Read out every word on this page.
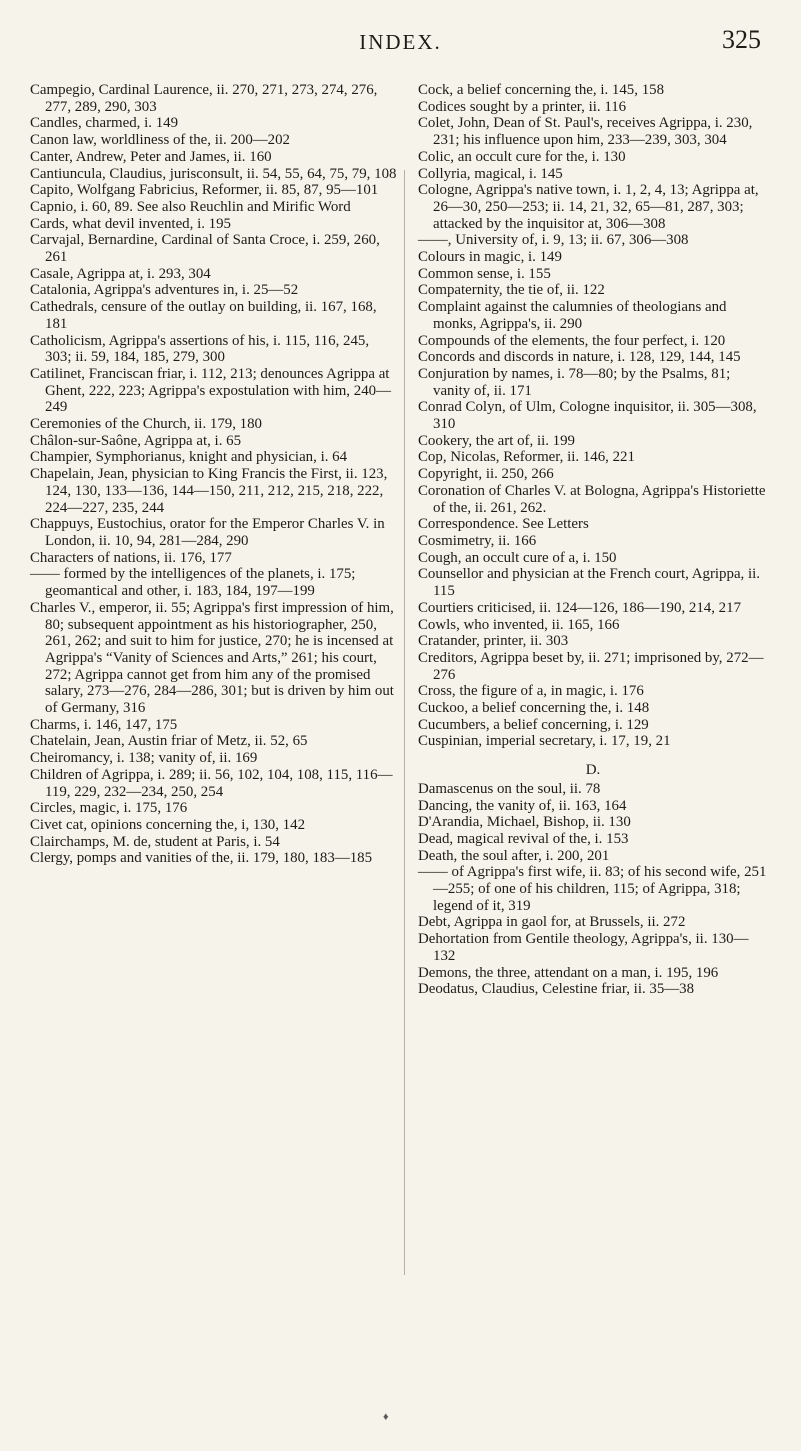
INDEX.	325

Campegio, Cardinal Laurence, ii. 270, 271, 273, 274, 276, 277, 289, 290, 303

Candles, charmed, i. 149

Canon law, worldliness of the, ii. 200—202

Canter, Andrew, Peter and James, ii. 160

Cantiuncula, Claudius, jurisconsult, ii. 54, 55, 64, 75, 79, 108

Capito, Wolfgang Fabricius, Reformer, ii. 85, 87, 95—101

Capnio, i. 60, 89. See also Reuchlin and Mirific Word

Cards, what devil invented, i. 195

Carvajal, Bernardine, Cardinal of Santa Croce, i. 259, 260, 261

Casale, Agrippa at, i. 293, 304

Catalonia, Agrippa's adventures in, i. 25—52

Cathedrals, censure of the outlay on building, ii. 167, 168, 181

Catholicism, Agrippa's assertions of his, i. 115, 116, 245, 303; ii. 59, 184, 185, 279, 300

Catilinet, Franciscan friar, i. 112, 213; denounces Agrippa at Ghent, 222, 223; Agrippa's expostulation with him, 240—249

Ceremonies of the Church, ii. 179, 180

Châlon-sur-Saône, Agrippa at, i. 65

Champier, Symphorianus, knight and physician, i. 64

Chapelain, Jean, physician to King Francis the First, ii. 123, 124, 130, 133—136, 144—150, 211, 212, 215, 218, 222, 224—227, 235, 244

Chappuys, Eustochius, orator for the Emperor Charles V. in London, ii. 10, 94, 281—284, 290

Characters of nations, ii. 176, 177

—— formed by the intelligences of the planets, i. 175; geomantical and other, i. 183, 184, 197—199

Charles V., emperor, ii. 55; Agrippa's first impression of him, 80; subsequent appointment as his historiographer, 250, 261, 262; and suit to him for justice, 270; he is incensed at Agrippa's “Vanity of Sciences and Arts,” 261; his court, 272; Agrippa cannot get from him any of the promised salary, 273—276, 284—286, 301; but is driven by him out of Germany, 316

Charms, i. 146, 147, 175

Chatelain, Jean, Austin friar of Metz, ii. 52, 65

Cheiromancy, i. 138; vanity of, ii. 169

Children of Agrippa, i. 289; ii. 56, 102, 104, 108, 115, 116—119, 229, 232—234, 250, 254

Circles, magic, i. 175, 176

Civet cat, opinions concerning the, i, 130, 142

Clairchamps, M. de, student at Paris, i. 54

Clergy, pomps and vanities of the, ii. 179, 180, 183—185

Cock, a belief concerning the, i. 145, 158

Codices sought by a printer, ii. 116

Colet, John, Dean of St. Paul's, receives Agrippa, i. 230, 231; his influence upon him, 233—239, 303, 304

Colic, an occult cure for the, i. 130

Collyria, magical, i. 145

Cologne, Agrippa's native town, i. 1, 2, 4, 13; Agrippa at, 26—30, 250—253; ii. 14, 21, 32, 65—81, 287, 303; attacked by the inquisitor at, 306—308

——, University of, i. 9, 13; ii. 67, 306—308

Colours in magic, i. 149

Common sense, i. 155

Compaternity, the tie of, ii. 122

Complaint against the calumnies of theologians and monks, Agrippa's, ii. 290

Compounds of the elements, the four perfect, i. 120

Concords and discords in nature, i. 128, 129, 144, 145

Conjuration by names, i. 78—80; by the Psalms, 81; vanity of, ii. 171

Conrad Colyn, of Ulm, Cologne inquisitor, ii. 305—308, 310

Cookery, the art of, ii. 199

Cop, Nicolas, Reformer, ii. 146, 221

Copyright, ii. 250, 266

Coronation of Charles V. at Bologna, Agrippa's Historiette of the, ii. 261, 262.

Correspondence. See Letters

Cosmimetry, ii. 166

Cough, an occult cure of a, i. 150

Counsellor and physician at the French court, Agrippa, ii. 115

Courtiers criticised, ii. 124—126, 186—190, 214, 217

Cowls, who invented, ii. 165, 166

Cratander, printer, ii. 303

Creditors, Agrippa beset by, ii. 271; imprisoned by, 272—276

Cross, the figure of a, in magic, i. 176

Cuckoo, a belief concerning the, i. 148

Cucumbers, a belief concerning, i. 129

Cuspinian, imperial secretary, i. 17, 19, 21

D.

Damascenus on the soul, ii. 78

Dancing, the vanity of, ii. 163, 164

D'Arandia, Michael, Bishop, ii. 130

Dead, magical revival of the, i. 153

Death, the soul after, i. 200, 201

—— of Agrippa's first wife, ii. 83; of his second wife, 251—255; of one of his children, 115; of Agrippa, 318; legend of it, 319

Debt, Agrippa in gaol for, at Brussels, ii. 272

Dehortation from Gentile theology, Agrippa's, ii. 130—132

Demons, the three, attendant on a man, i. 195, 196

Deodatus, Claudius, Celestine friar, ii. 35—38

♦
